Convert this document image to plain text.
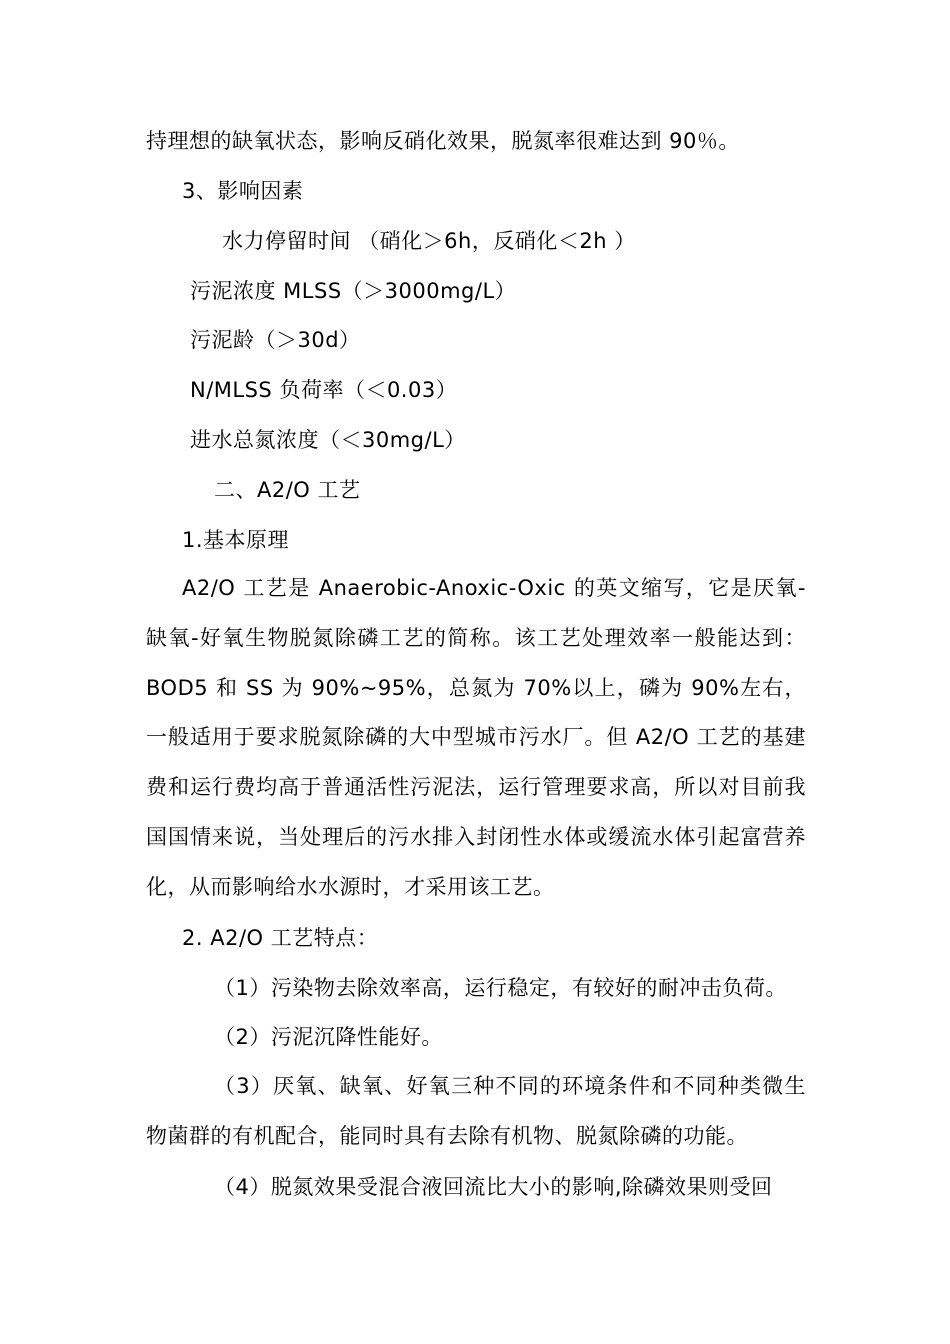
持理想的缺氧状态，影响反硝化效果，脱氮率很难达到 90％。
3、影响因素
水力停留时间 （硝化＞6h，反硝化＜2h ）
污泥浓度 MLSS（＞3000mg/L）
污泥龄（＞30d）
N/MLSS 负荷率（＜0.03）
进水总氮浓度（＜30mg/L）
二、A2/O 工艺
1.基本原理
A2/O 工艺是 Anaerobic-Anoxic-Oxic 的英文缩写，它是厌氧-缺氧-好氧生物脱氮除磷工艺的简称。该工艺处理效率一般能达到：BOD5 和 SS 为 90%~95%，总氮为 70%以上，磷为 90%左右，一般适用于要求脱氮除磷的大中型城市污水厂。但 A2/O 工艺的基建费和运行费均高于普通活性污泥法，运行管理要求高，所以对目前我国国情来说，当处理后的污水排入封闭性水体或缓流水体引起富营养化，从而影响给水水源时，才采用该工艺。
2. A2/O 工艺特点：
（1）污染物去除效率高，运行稳定，有较好的耐冲击负荷。
（2）污泥沉降性能好。
（3）厌氧、缺氧、好氧三种不同的环境条件和不同种类微生物菌群的有机配合，能同时具有去除有机物、脱氮除磷的功能。
（4）脱氮效果受混合液回流比大小的影响,除磷效果则受回
